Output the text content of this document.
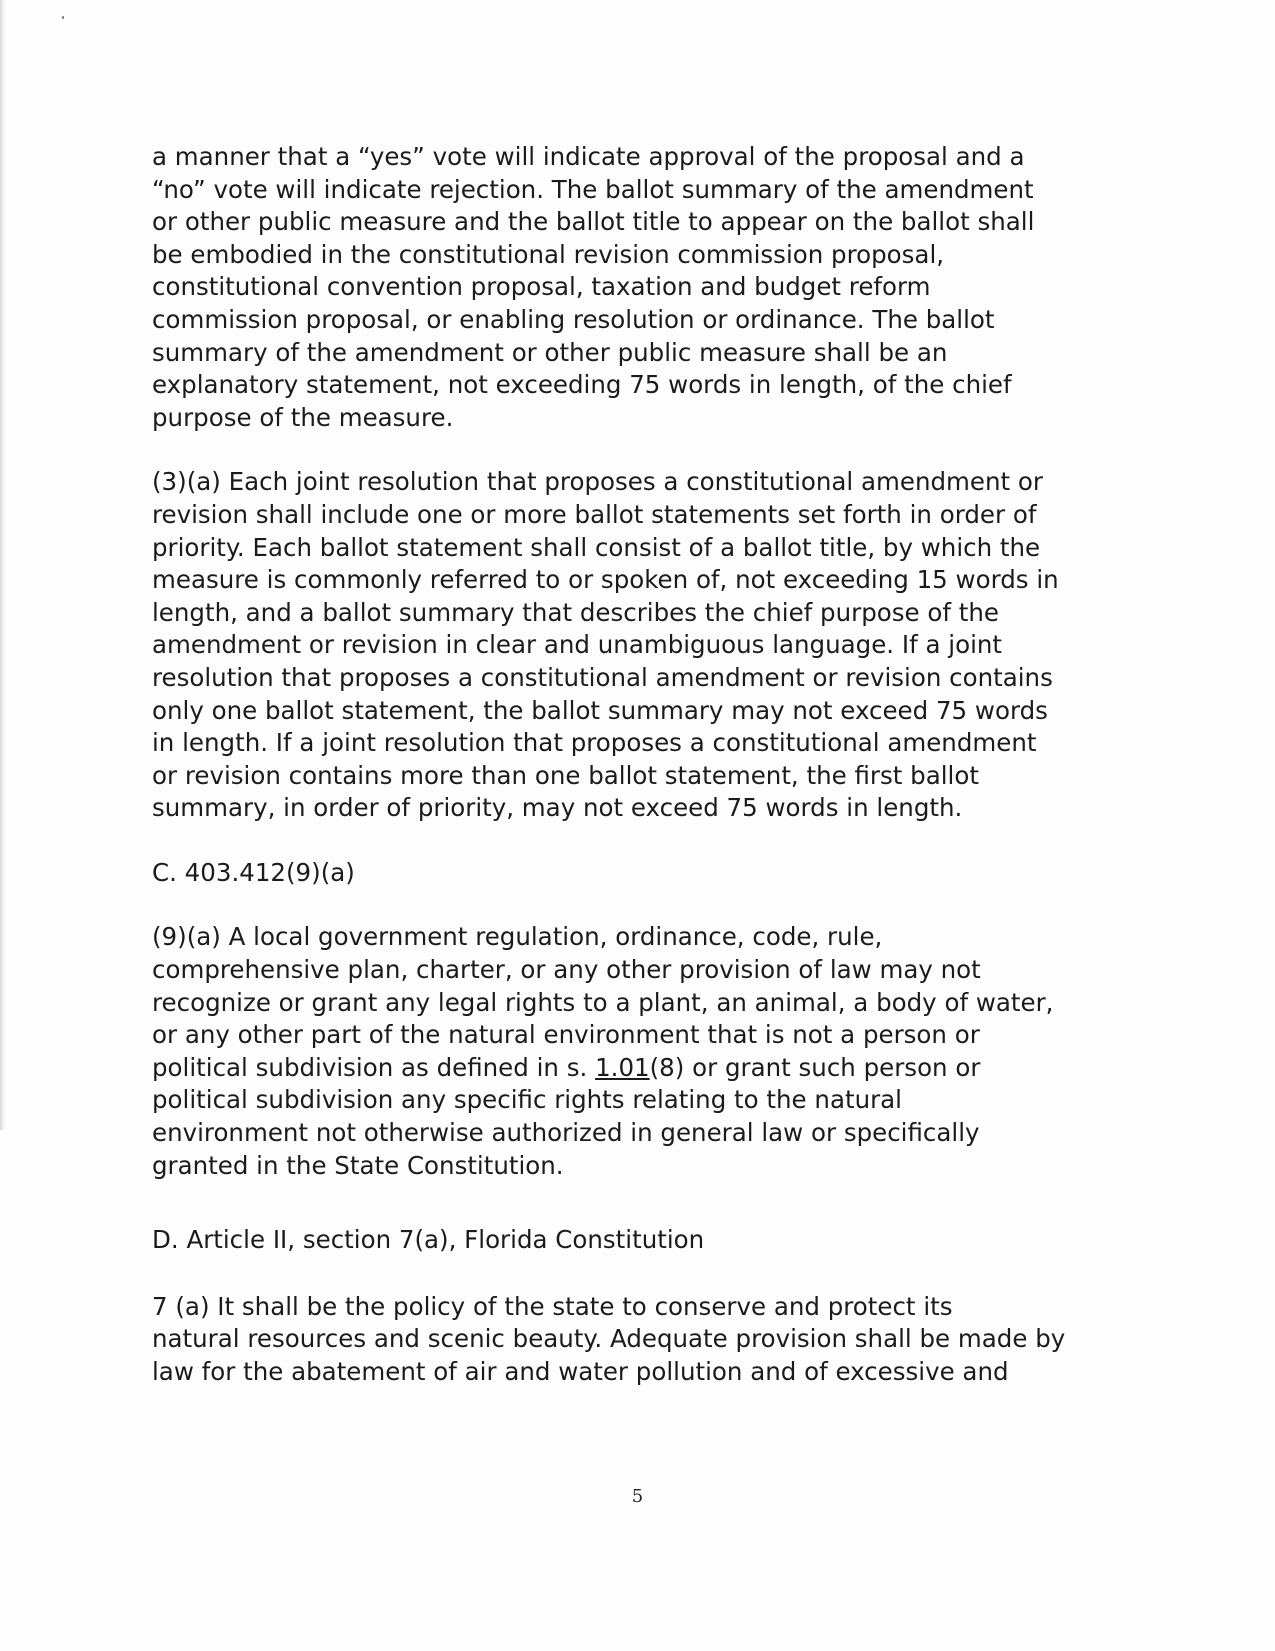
a manner that a “yes” vote will indicate approval of the proposal and a
“no” vote will indicate rejection. The ballot summary of the amendment
or other public measure and the ballot title to appear on the ballot shall
be embodied in the constitutional revision commission proposal,
constitutional convention proposal, taxation and budget reform
commission proposal, or enabling resolution or ordinance. The ballot
summary of the amendment or other public measure shall be an
explanatory statement, not exceeding 75 words in length, of the chief
purpose of the measure.

(3)(a) Each joint resolution that proposes a constitutional amendment or
revision shall include one or more ballot statements set forth in order of
priority. Each ballot statement shall consist of a ballot title, by which the
measure is commonly referred to or spoken of, not exceeding 15 words in
length, and a ballot summary that describes the chief purpose of the
amendment or revision in clear and unambiguous language. If a joint
resolution that proposes a constitutional amendment or revision contains
only one ballot statement, the ballot summary may not exceed 75 words
in length. If a joint resolution that proposes a constitutional amendment
or revision contains more than one ballot statement, the first ballot
summary, in order of priority, may not exceed 75 words in length.

C. 403.412(9)(a)

(9)(a) A local government regulation, ordinance, code, rule,
comprehensive plan, charter, or any other provision of law may not
recognize or grant any legal rights to a plant, an animal, a body of water,
or any other part of the natural environment that is not a person or
political subdivision as defined in s. 1.01(8) or grant such person or
political subdivision any specific rights relating to the natural
environment not otherwise authorized in general law or specifically
granted in the State Constitution.

D. Article II, section 7(a), Florida Constitution

7 (a) It shall be the policy of the state to conserve and protect its
natural resources and scenic beauty. Adequate provision shall be made by
law for the abatement of air and water pollution and of excessive and

5
